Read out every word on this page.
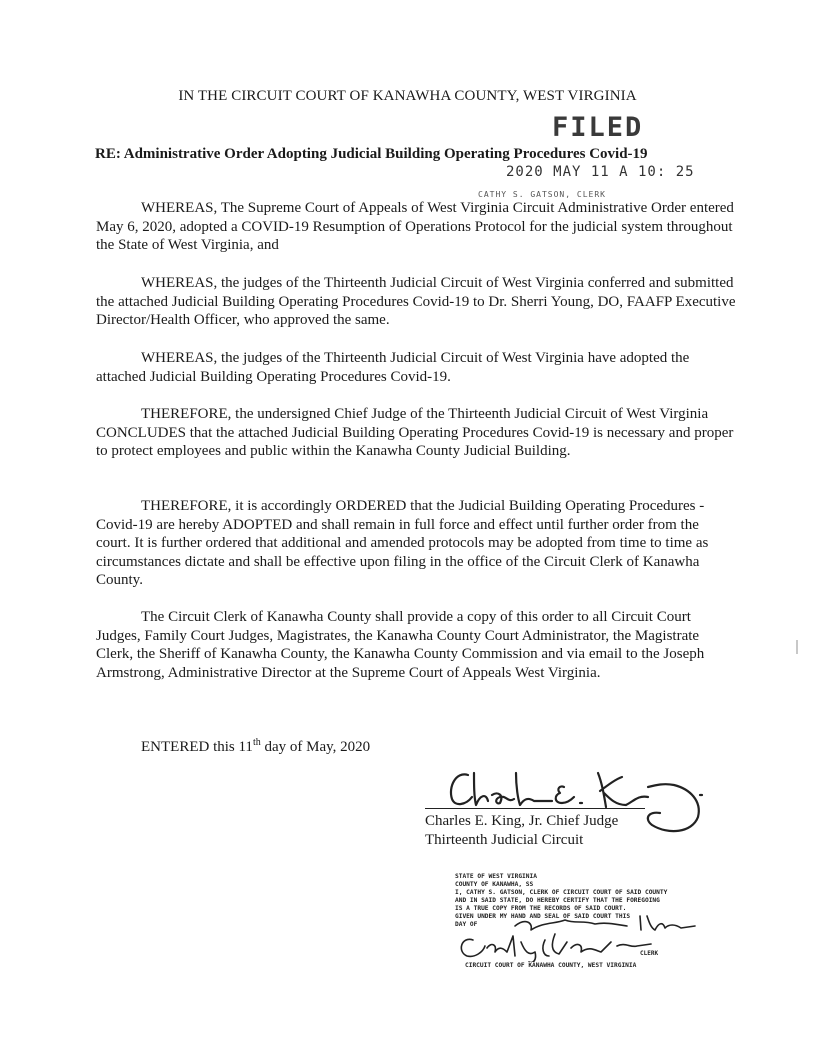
IN THE CIRCUIT COURT OF KANAWHA COUNTY, WEST VIRGINIA
FILED
RE: Administrative Order Adopting Judicial Building Operating Procedures Covid-19
2020 MAY 11 A 10: 25
CATHY S. GATSON, CLERK

WHEREAS, The Supreme Court of Appeals of West Virginia Circuit Administrative Order entered May 6, 2020, adopted a COVID-19 Resumption of Operations Protocol for the judicial system throughout the State of West Virginia, and

WHEREAS, the judges of the Thirteenth Judicial Circuit of West Virginia conferred and submitted the attached Judicial Building Operating Procedures Covid-19 to Dr. Sherri Young, DO, FAAFP Executive Director/Health Officer, who approved the same.

WHEREAS, the judges of the Thirteenth Judicial Circuit of West Virginia have adopted the attached Judicial Building Operating Procedures Covid-19.

THEREFORE, the undersigned Chief Judge of the Thirteenth Judicial Circuit of West Virginia CONCLUDES that the attached Judicial Building Operating Procedures Covid-19 is necessary and proper to protect employees and public within the Kanawha County Judicial Building.

THEREFORE, it is accordingly ORDERED that the Judicial Building Operating Procedures -Covid-19 are hereby ADOPTED and shall remain in full force and effect until further order from the court. It is further ordered that additional and amended protocols may be adopted from time to time as circumstances dictate and shall be effective upon filing in the office of the Circuit Clerk of Kanawha County.

The Circuit Clerk of Kanawha County shall provide a copy of this order to all Circuit Court Judges, Family Court Judges, Magistrates, the Kanawha County Court Administrator, the Magistrate Clerk, the Sheriff of Kanawha County, the Kanawha County Commission and via email to the Joseph Armstrong, Administrative Director at the Supreme Court of Appeals West Virginia.

ENTERED this 11th day of May, 2020
Charles E. King, Jr. Chief Judge
Thirteenth Judicial Circuit
STATE OF WEST VIRGINIA
COUNTY OF KANAWHA, SS
I, CATHY S. GATSON, CLERK OF CIRCUIT COURT OF SAID COUNTY
AND IN SAID STATE, DO HEREBY CERTIFY THAT THE FOREGOING
IS A TRUE COPY FROM THE RECORDS OF SAID COURT.
GIVEN UNDER MY HAND AND SEAL OF SAID COURT THIS
DAY OF
CLERK
CIRCUIT COURT OF KANAWHA COUNTY, WEST VIRGINIA
